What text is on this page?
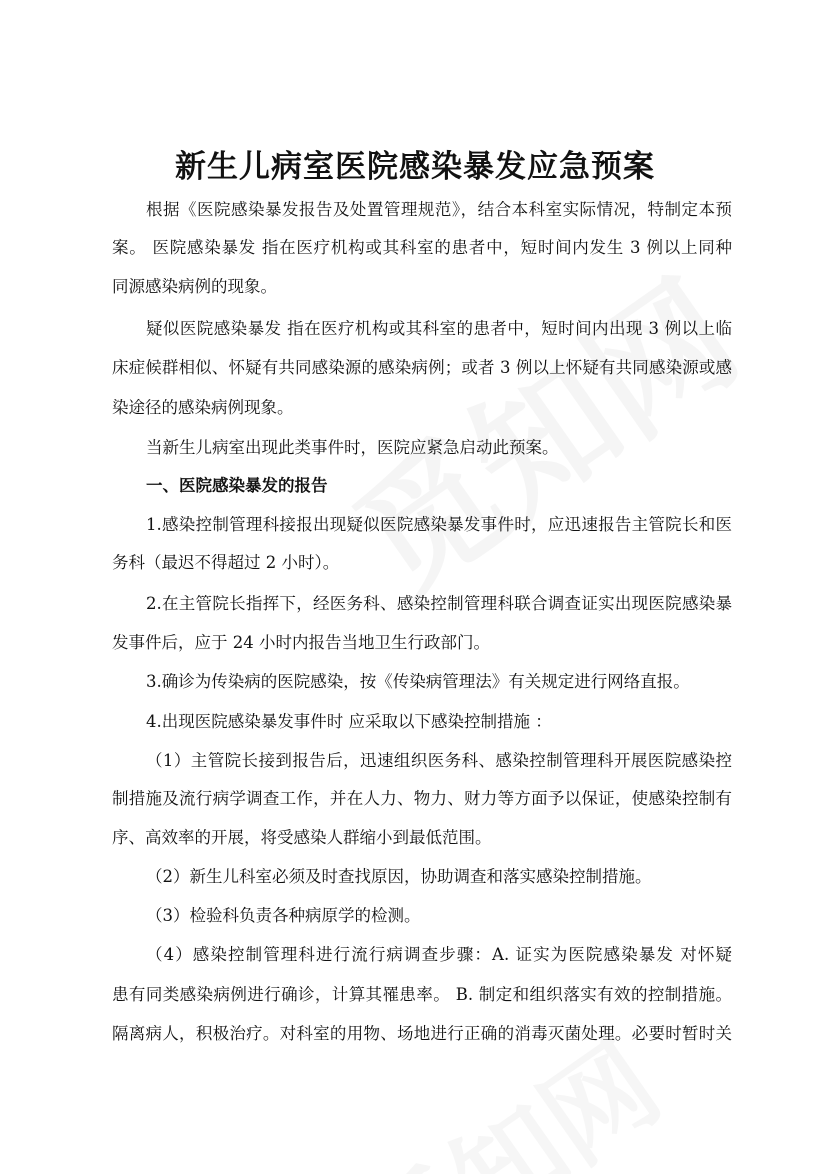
新生儿病室医院感染暴发应急预案

根据《医院感染暴发报告及处置管理规范》，结合本科室实际情况，特制定本预

案。 医院感染暴发 指在医疗机构或其科室的患者中，短时间内发生 3 例以上同种

同源感染病例的现象。

疑似医院感染暴发 指在医疗机构或其科室的患者中，短时间内出现 3 例以上临

床症候群相似、怀疑有共同感染源的感染病例；或者 3 例以上怀疑有共同感染源或感

染途径的感染病例现象。

当新生儿病室出现此类事件时，医院应紧急启动此预案。

一、医院感染暴发的报告

1.感染控制管理科接报出现疑似医院感染暴发事件时，应迅速报告主管院长和医

务科（最迟不得超过 2 小时）。

2.在主管院长指挥下，经医务科、感染控制管理科联合调查证实出现医院感染暴

发事件后，应于 24 小时内报告当地卫生行政部门。

3.确诊为传染病的医院感染，按《传染病管理法》有关规定进行网络直报。

4.出现医院感染暴发事件时 应采取以下感染控制措施 ：

（1）主管院长接到报告后，迅速组织医务科、感染控制管理科开展医院感染控

制措施及流行病学调查工作，并在人力、物力、财力等方面予以保证，使感染控制有

序、高效率的开展，将受感染人群缩小到最低范围。

（2）新生儿科室必须及时查找原因，协助调查和落实感染控制措施。

（3）检验科负责各种病原学的检测。

（4）感染控制管理科进行流行病调查步骤：A. 证实为医院感染暴发 对怀疑

患有同类感染病例进行确诊，计算其罹患率。 B. 制定和组织落实有效的控制措施。

隔离病人，积极治疗。对科室的用物、场地进行正确的消毒灭菌处理。必要时暂时关
